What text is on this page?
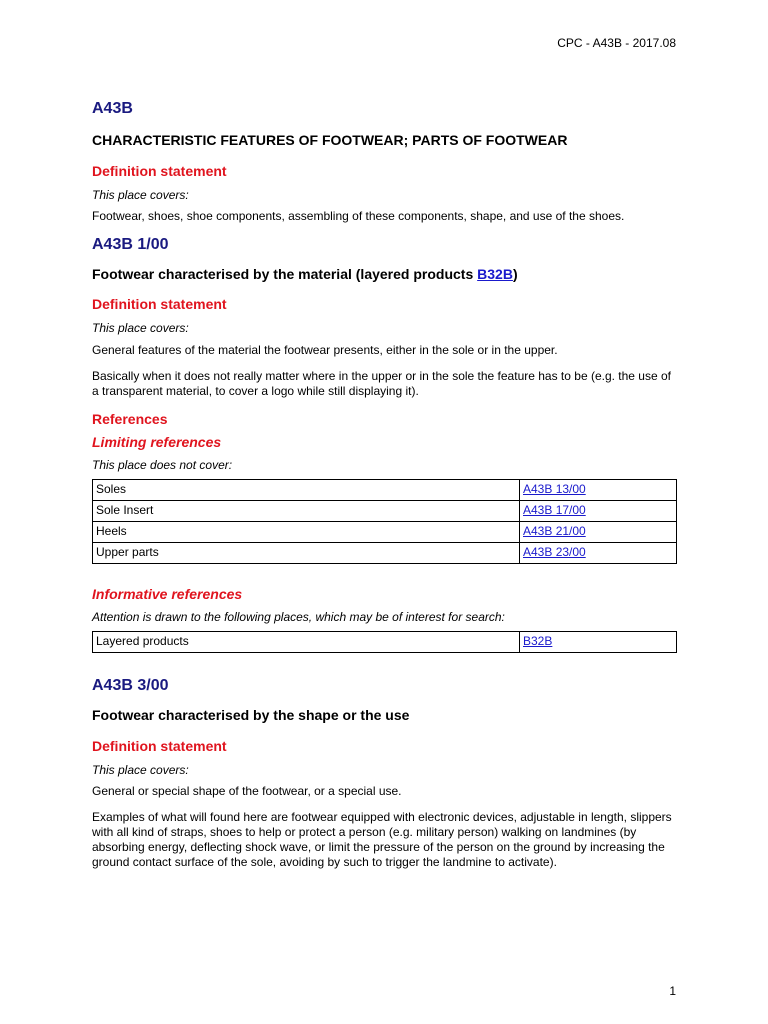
CPC - A43B - 2017.08
A43B
CHARACTERISTIC FEATURES OF FOOTWEAR; PARTS OF FOOTWEAR
Definition statement
This place covers:
Footwear, shoes, shoe components, assembling of these components, shape, and use of the shoes.
A43B 1/00
Footwear characterised by the material (layered products B32B)
Definition statement
This place covers:
General features of the material the footwear presents, either in the sole or in the upper.
Basically when it does not really matter where in the upper or in the sole the feature has to be (e.g. the use of a transparent material, to cover a logo while still displaying it).
References
Limiting references
This place does not cover:
Soles	A43B 13/00
Sole Insert	A43B 17/00
Heels	A43B 21/00
Upper parts	A43B 23/00
Informative references
Attention is drawn to the following places, which may be of interest for search:
Layered products	B32B
A43B 3/00
Footwear characterised by the shape or the use
Definition statement
This place covers:
General or special shape of the footwear, or a special use.
Examples of what will found here are footwear equipped with electronic devices, adjustable in length, slippers with all kind of straps, shoes to help or protect a person (e.g. military person) walking on landmines (by absorbing energy, deflecting shock wave, or limit the pressure of the person on the ground by increasing the ground contact surface of the sole, avoiding by such to trigger the landmine to activate).
1
